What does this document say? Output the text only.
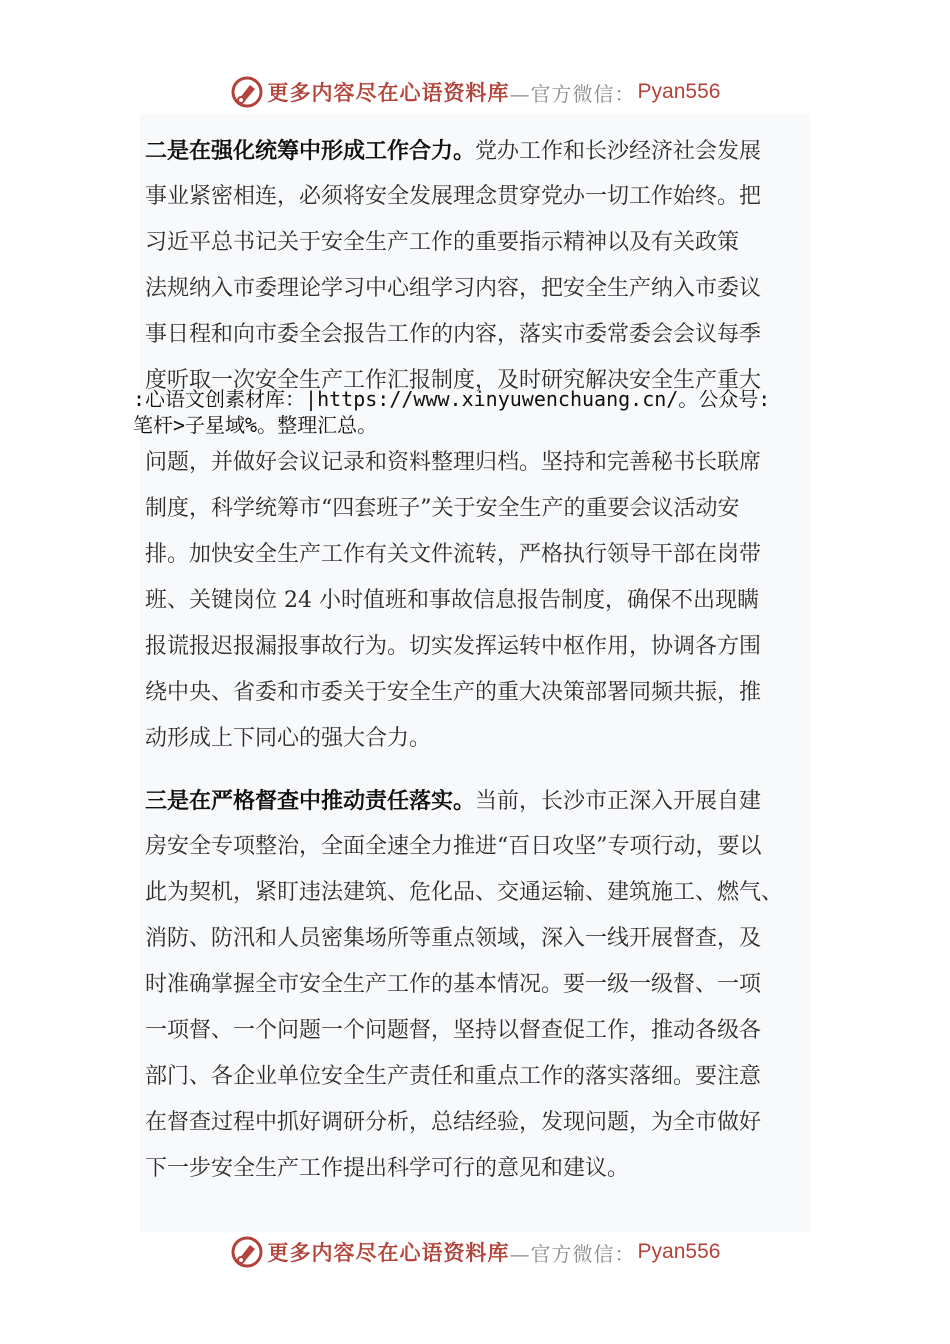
更多内容尽在心语资料库 —官方微信： Pyan556
二是在强化统筹中形成工作合力。党办工作和长沙经济社会发展
事业紧密相连，必须将安全发展理念贯穿党办一切工作始终。把
习近平总书记关于安全生产工作的重要指示精神以及有关政策
法规纳入市委理论学习中心组学习内容，把安全生产纳入市委议
事日程和向市委全会报告工作的内容，落实市委常委会会议每季
度听取一次安全生产工作汇报制度，及时研究解决安全生产重大
:心语文创素材库：|https://www.xinyuwenchuang.cn/。公众号:
笔杆>子星域%。整理汇总。
问题，并做好会议记录和资料整理归档。坚持和完善秘书长联席
制度，科学统筹市“四套班子”关于安全生产的重要会议活动安
排。加快安全生产工作有关文件流转，严格执行领导干部在岗带
班、关键岗位 24 小时值班和事故信息报告制度，确保不出现瞒
报谎报迟报漏报事故行为。切实发挥运转中枢作用，协调各方围
绕中央、省委和市委关于安全生产的重大决策部署同频共振，推
动形成上下同心的强大合力。
三是在严格督查中推动责任落实。当前，长沙市正深入开展自建
房安全专项整治，全面全速全力推进“百日攻坚”专项行动，要以
此为契机，紧盯违法建筑、危化品、交通运输、建筑施工、燃气、
消防、防汛和人员密集场所等重点领域，深入一线开展督查，及
时准确掌握全市安全生产工作的基本情况。要一级一级督、一项
一项督、一个问题一个问题督，坚持以督查促工作，推动各级各
部门、各企业单位安全生产责任和重点工作的落实落细。要注意
在督查过程中抓好调研分析，总结经验，发现问题，为全市做好
下一步安全生产工作提出科学可行的意见和建议。
更多内容尽在心语资料库 —官方微信： Pyan556
